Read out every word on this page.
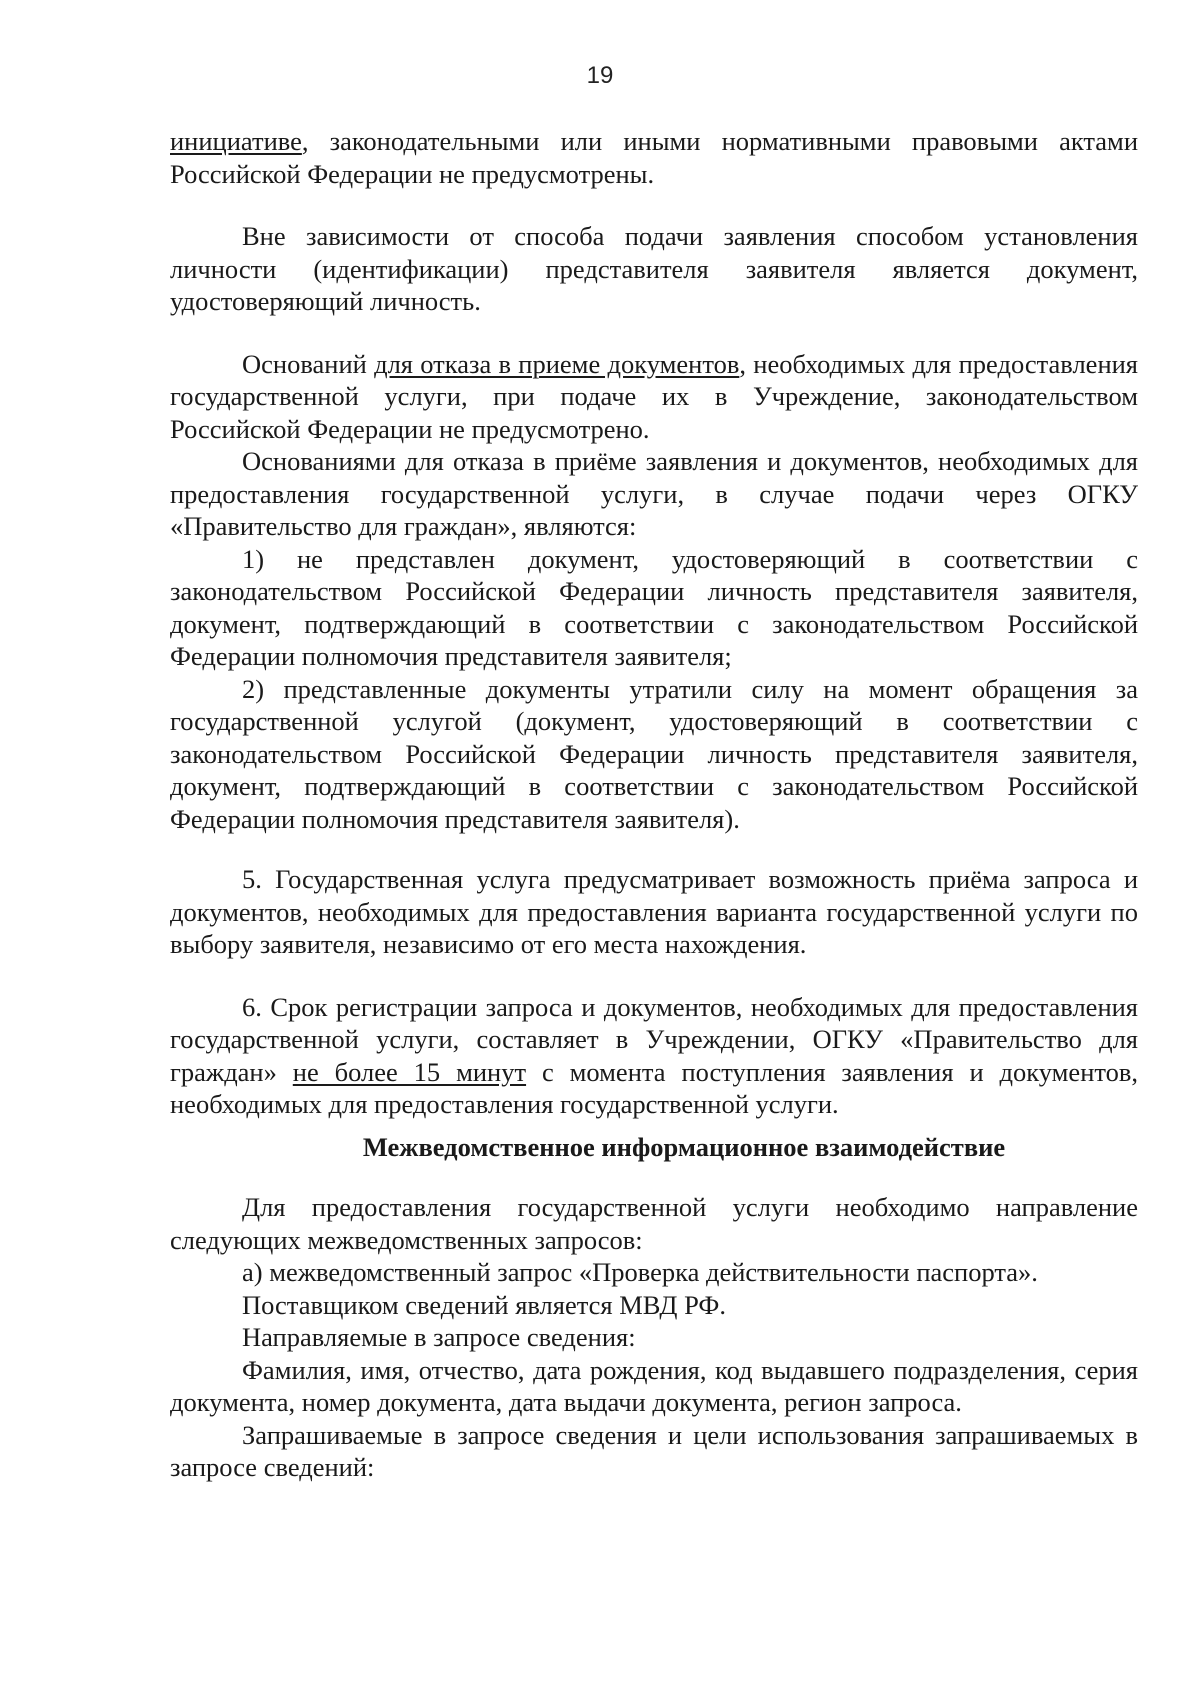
19

инициативе, законодательными или иными нормативными правовыми актами Российской Федерации не предусмотрены.

Вне зависимости от способа подачи заявления способом установления личности (идентификации) представителя заявителя является документ, удостоверяющий личность.

Оснований для отказа в приеме документов, необходимых для предоставления государственной услуги, при подаче их в Учреждение, законодательством Российской Федерации не предусмотрено.

Основаниями для отказа в приёме заявления и документов, необходимых для предоставления государственной услуги, в случае подачи через ОГКУ «Правительство для граждан», являются:

1) не представлен документ, удостоверяющий в соответствии с законодательством Российской Федерации личность представителя заявителя, документ, подтверждающий в соответствии с законодательством Российской Федерации полномочия представителя заявителя;

2) представленные документы утратили силу на момент обращения за государственной услугой (документ, удостоверяющий в соответствии с законодательством Российской Федерации личность представителя заявителя, документ, подтверждающий в соответствии с законодательством Российской Федерации полномочия представителя заявителя).

5. Государственная услуга предусматривает возможность приёма запроса и документов, необходимых для предоставления варианта государственной услуги по выбору заявителя, независимо от его места нахождения.

6. Срок регистрации запроса и документов, необходимых для предоставления государственной услуги, составляет в Учреждении, ОГКУ «Правительство для граждан» не более 15 минут с момента поступления заявления и документов, необходимых для предоставления государственной услуги.

Межведомственное информационное взаимодействие

Для предоставления государственной услуги необходимо направление следующих межведомственных запросов:

а) межведомственный запрос «Проверка действительности паспорта».

Поставщиком сведений является МВД РФ.

Направляемые в запросе сведения:

Фамилия, имя, отчество, дата рождения, код выдавшего подразделения, серия документа, номер документа, дата выдачи документа, регион запроса.

Запрашиваемые в запросе сведения и цели использования запрашиваемых в запросе сведений:
